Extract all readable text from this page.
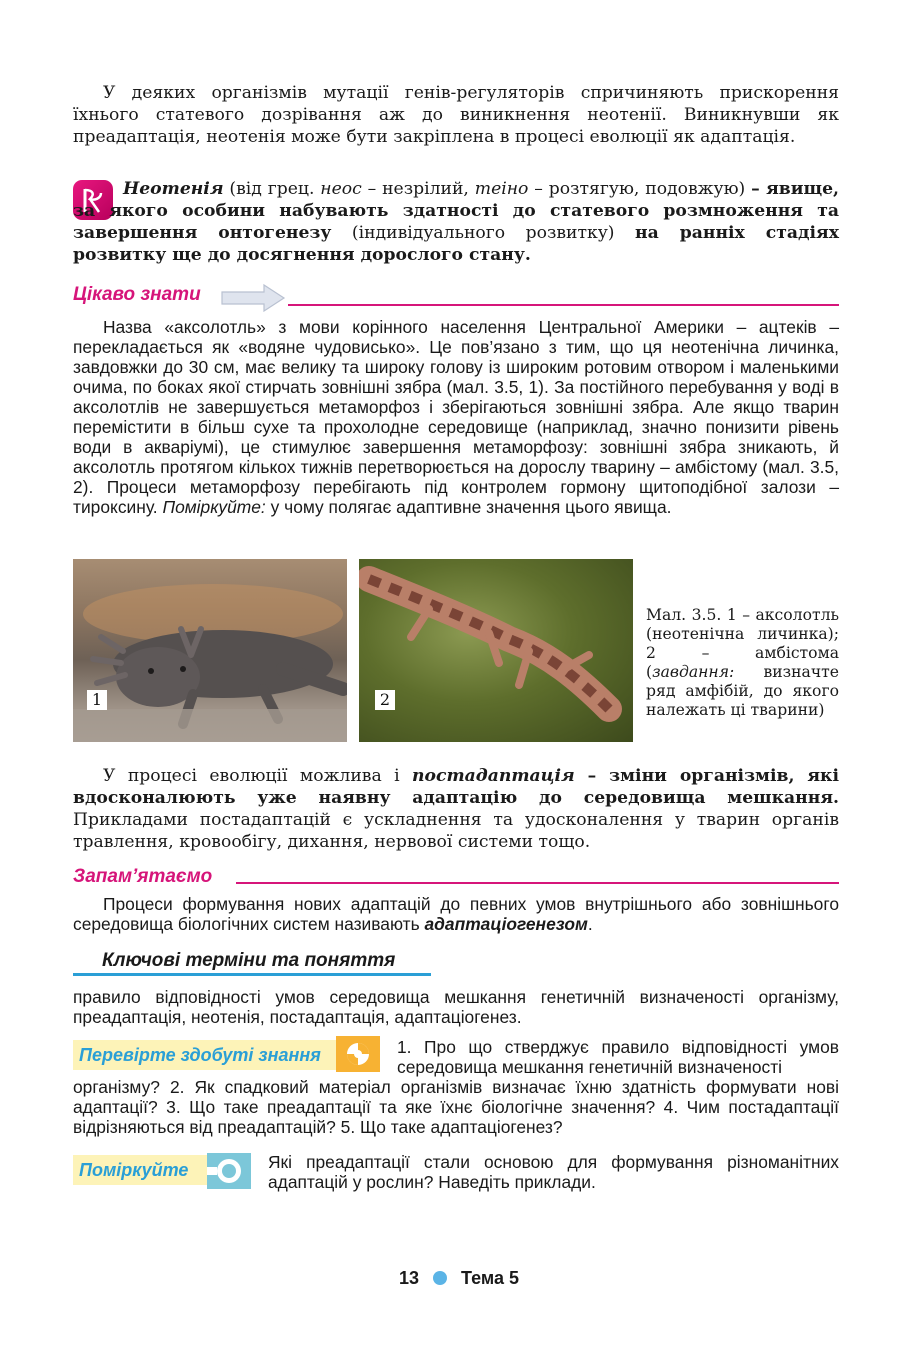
У деяких організмів мутації генів-регуляторів спричиняють прискорення їхнього статевого дозрівання аж до виникнення неотенії. Виникнувши як преадаптація, неотенія може бути закріплена в процесі еволюції як адаптація.

Неотенія (від грец. неос – незрілий, теіно – розтягую, подовжую) – явище, за якого особини набувають здатності до статевого розмноження та завершення онтогенезу (індивідуального розвитку) на ранніх стадіях розвитку ще до досягнення дорослого стану.

Цікаво знати

Назва «аксолотль» з мови корінного населення Центральної Америки – ацтеків – перекладається як «водяне чудовисько». Це пов’язано з тим, що ця неотенічна личинка, завдовжки до 30 см, має велику та широку голову із широким ротовим отвором і маленькими очима, по боках якої стирчать зовнішні зябра (мал. 3.5, 1). За постійного перебування у воді в аксолотлів не завершується метаморфоз і зберігаються зовнішні зябра. Але якщо тварин перемістити в більш сухе та прохолодне середовище (наприклад, значно понизити рівень води в акваріумі), це стимулює завершення метаморфозу: зовнішні зябра зникають, й аксолотль протягом кількох тижнів перетворюється на дорослу тварину – амбістому (мал. 3.5, 2). Процеси метаморфозу перебігають під контролем гормону щитоподібної залози – тироксину. Поміркуйте: у чому полягає адаптивне значення цього явища.

1	2

Мал. 3.5. 1 – аксолотль (неотенічна личинка); 2 – амбістома (завдання: визначте ряд амфібій, до якого належать ці тварини)

У процесі еволюції можлива і постадаптація – зміни організмів, які вдосконалюють уже наявну адаптацію до середовища мешкання. Прикладами постадаптацій є ускладнення та удосконалення у тварин органів травлення, кровообігу, дихання, нервової системи тощо.

Запам’ятаємо

Процеси формування нових адаптацій до певних умов внутрішнього або зовнішнього середовища біологічних систем називають адаптаціогенезом.

Ключові терміни та поняття

правило відповідності умов середовища мешкання генетичній визначеності організму, преадаптація, неотенія, постадаптація, адаптаціогенез.

Перевірте здобуті знання	1. Про що стверджує правило відповідності умов середовища мешкання генетичній визначеності

організму? 2. Як спадковий матеріал організмів визначає їхню здатність формувати нові адаптації? 3. Що таке преадаптації та яке їхнє біологічне значення? 4. Чим постадаптації відрізняються від преадаптацій? 5. Що таке адаптаціогенез?

Поміркуйте	Які преадаптації стали основою для формування різноманітних адаптацій у рослин? Наведіть приклади.

13 Тема 5
